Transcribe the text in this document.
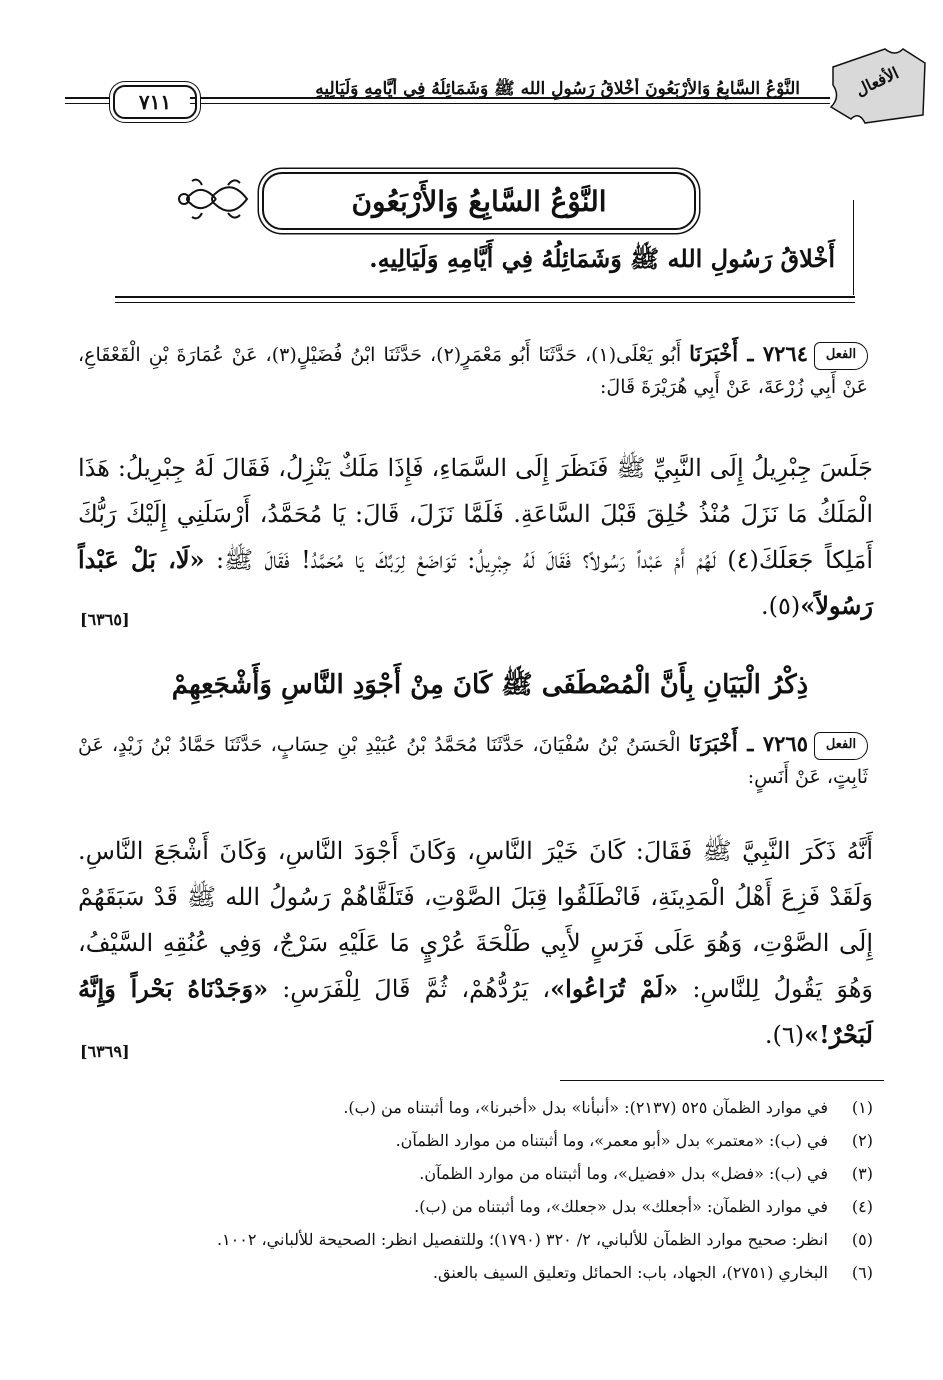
الأفعال
النَّوْعُ السَّابِعُ وَالأَرْبَعُونَ أَخْلاقُ رَسُولِ الله ﷺ وَشَمَائِلُهُ فِي أَيَّامِهِ وَلَيَالِيهِ
٧١١
النَّوْعُ السَّابِعُ وَالأَرْبَعُونَ
أَخْلاقُ رَسُولِ الله ﷺ وَشَمَائِلُهُ فِي أَيَّامِهِ وَلَيَالِيهِ.
الفعل٧٢٦٤ ـ أَخْبَرَنَا أَبُو يَعْلَى(١)، حَدَّثَنَا أَبُو مَعْمَرٍ(٢)، حَدَّثَنَا ابْنُ فُضَيْلٍ(٣)، عَنْ عُمَارَةَ بْنِ الْقَعْقَاعِ، عَنْ أَبِي زُرْعَةَ، عَنْ أَبِي هُرَيْرَةَ قَالَ:
جَلَسَ جِبْرِيلُ إِلَى النَّبِيِّ ﷺ فَنَظَرَ إِلَى السَّمَاءِ، فَإِذَا مَلَكٌ يَنْزِلُ، فَقَالَ لَهُ جِبْرِيلُ: هَذَا الْمَلَكُ مَا نَزَلَ مُنْذُ خُلِقَ قَبْلَ السَّاعَةِ. فَلَمَّا نَزَلَ، قَالَ: يَا مُحَمَّدُ، أَرْسَلَنِي إِلَيْكَ رَبُّكَ أَمَلِكاً جَعَلَكَ(٤) لَهُمْ أَمْ عَبْداً رَسُولاً؟ فَقَالَ لَهُ جِبْرِيلُ: تَوَاضَعْ لِرَبِّكَ يَا مُحَمَّدُ! فَقَالَ ﷺ: «لَا، بَلْ عَبْداً رَسُولاً»(٥).
[٦٣٦٥]
ذِكْرُ الْبَيَانِ بِأَنَّ الْمُصْطَفَى ﷺ كَانَ مِنْ أَجْوَدِ النَّاسِ وَأَشْجَعِهِمْ
الفعل٧٢٦٥ ـ أَخْبَرَنَا الْحَسَنُ بْنُ سُفْيَانَ، حَدَّثَنَا مُحَمَّدُ بْنُ عُبَيْدِ بْنِ حِسَابٍ، حَدَّثَنَا حَمَّادُ بْنُ زَيْدٍ، عَنْ ثَابِتٍ، عَنْ أَنَسٍ:
أَنَّهُ ذَكَرَ النَّبِيَّ ﷺ فَقَالَ: كَانَ خَيْرَ النَّاسِ، وَكَانَ أَجْوَدَ النَّاسِ، وَكَانَ أَشْجَعَ النَّاسِ. وَلَقَدْ فَزِعَ أَهْلُ الْمَدِينَةِ، فَانْطَلَقُوا قِبَلَ الصَّوْتِ، فَتَلَقَّاهُمْ رَسُولُ الله ﷺ قَدْ سَبَقَهُمْ إِلَى الصَّوْتِ، وَهُوَ عَلَى فَرَسٍ لأَبِي طَلْحَةَ عُرْيٍ مَا عَلَيْهِ سَرْجٌ، وَفِي عُنُقِهِ السَّيْفُ، وَهُوَ يَقُولُ لِلنَّاسِ: «لَمْ تُرَاعُوا»، يَرُدُّهُمْ، ثُمَّ قَالَ لِلْفَرَسِ: «وَجَدْنَاهُ بَحْراً وَإِنَّهُ لَبَحْرٌ!»(٦).
[٦٣٦٩]
(١)
في موارد الظمآن ٥٢٥ (٢١٣٧): «أنبأنا» بدل «أخبرنا»، وما أثبتناه من (ب).
(٢)
في (ب): «معتمر» بدل «أبو معمر»، وما أثبتناه من موارد الظمآن.
(٣)
في (ب): «فضل» بدل «فضيل»، وما أثبتناه من موارد الظمآن.
(٤)
في موارد الظمآن: «أجعلك» بدل «جعلك»، وما أثبتناه من (ب).
(٥)
انظر: صحيح موارد الظمآن للألباني، ٢/ ٣٢٠ (١٧٩٠)؛ وللتفصيل انظر: الصحيحة للألباني، ١٠٠٢.
(٦)
البخاري (٢٧٥١)، الجهاد، باب: الحمائل وتعليق السيف بالعنق.
